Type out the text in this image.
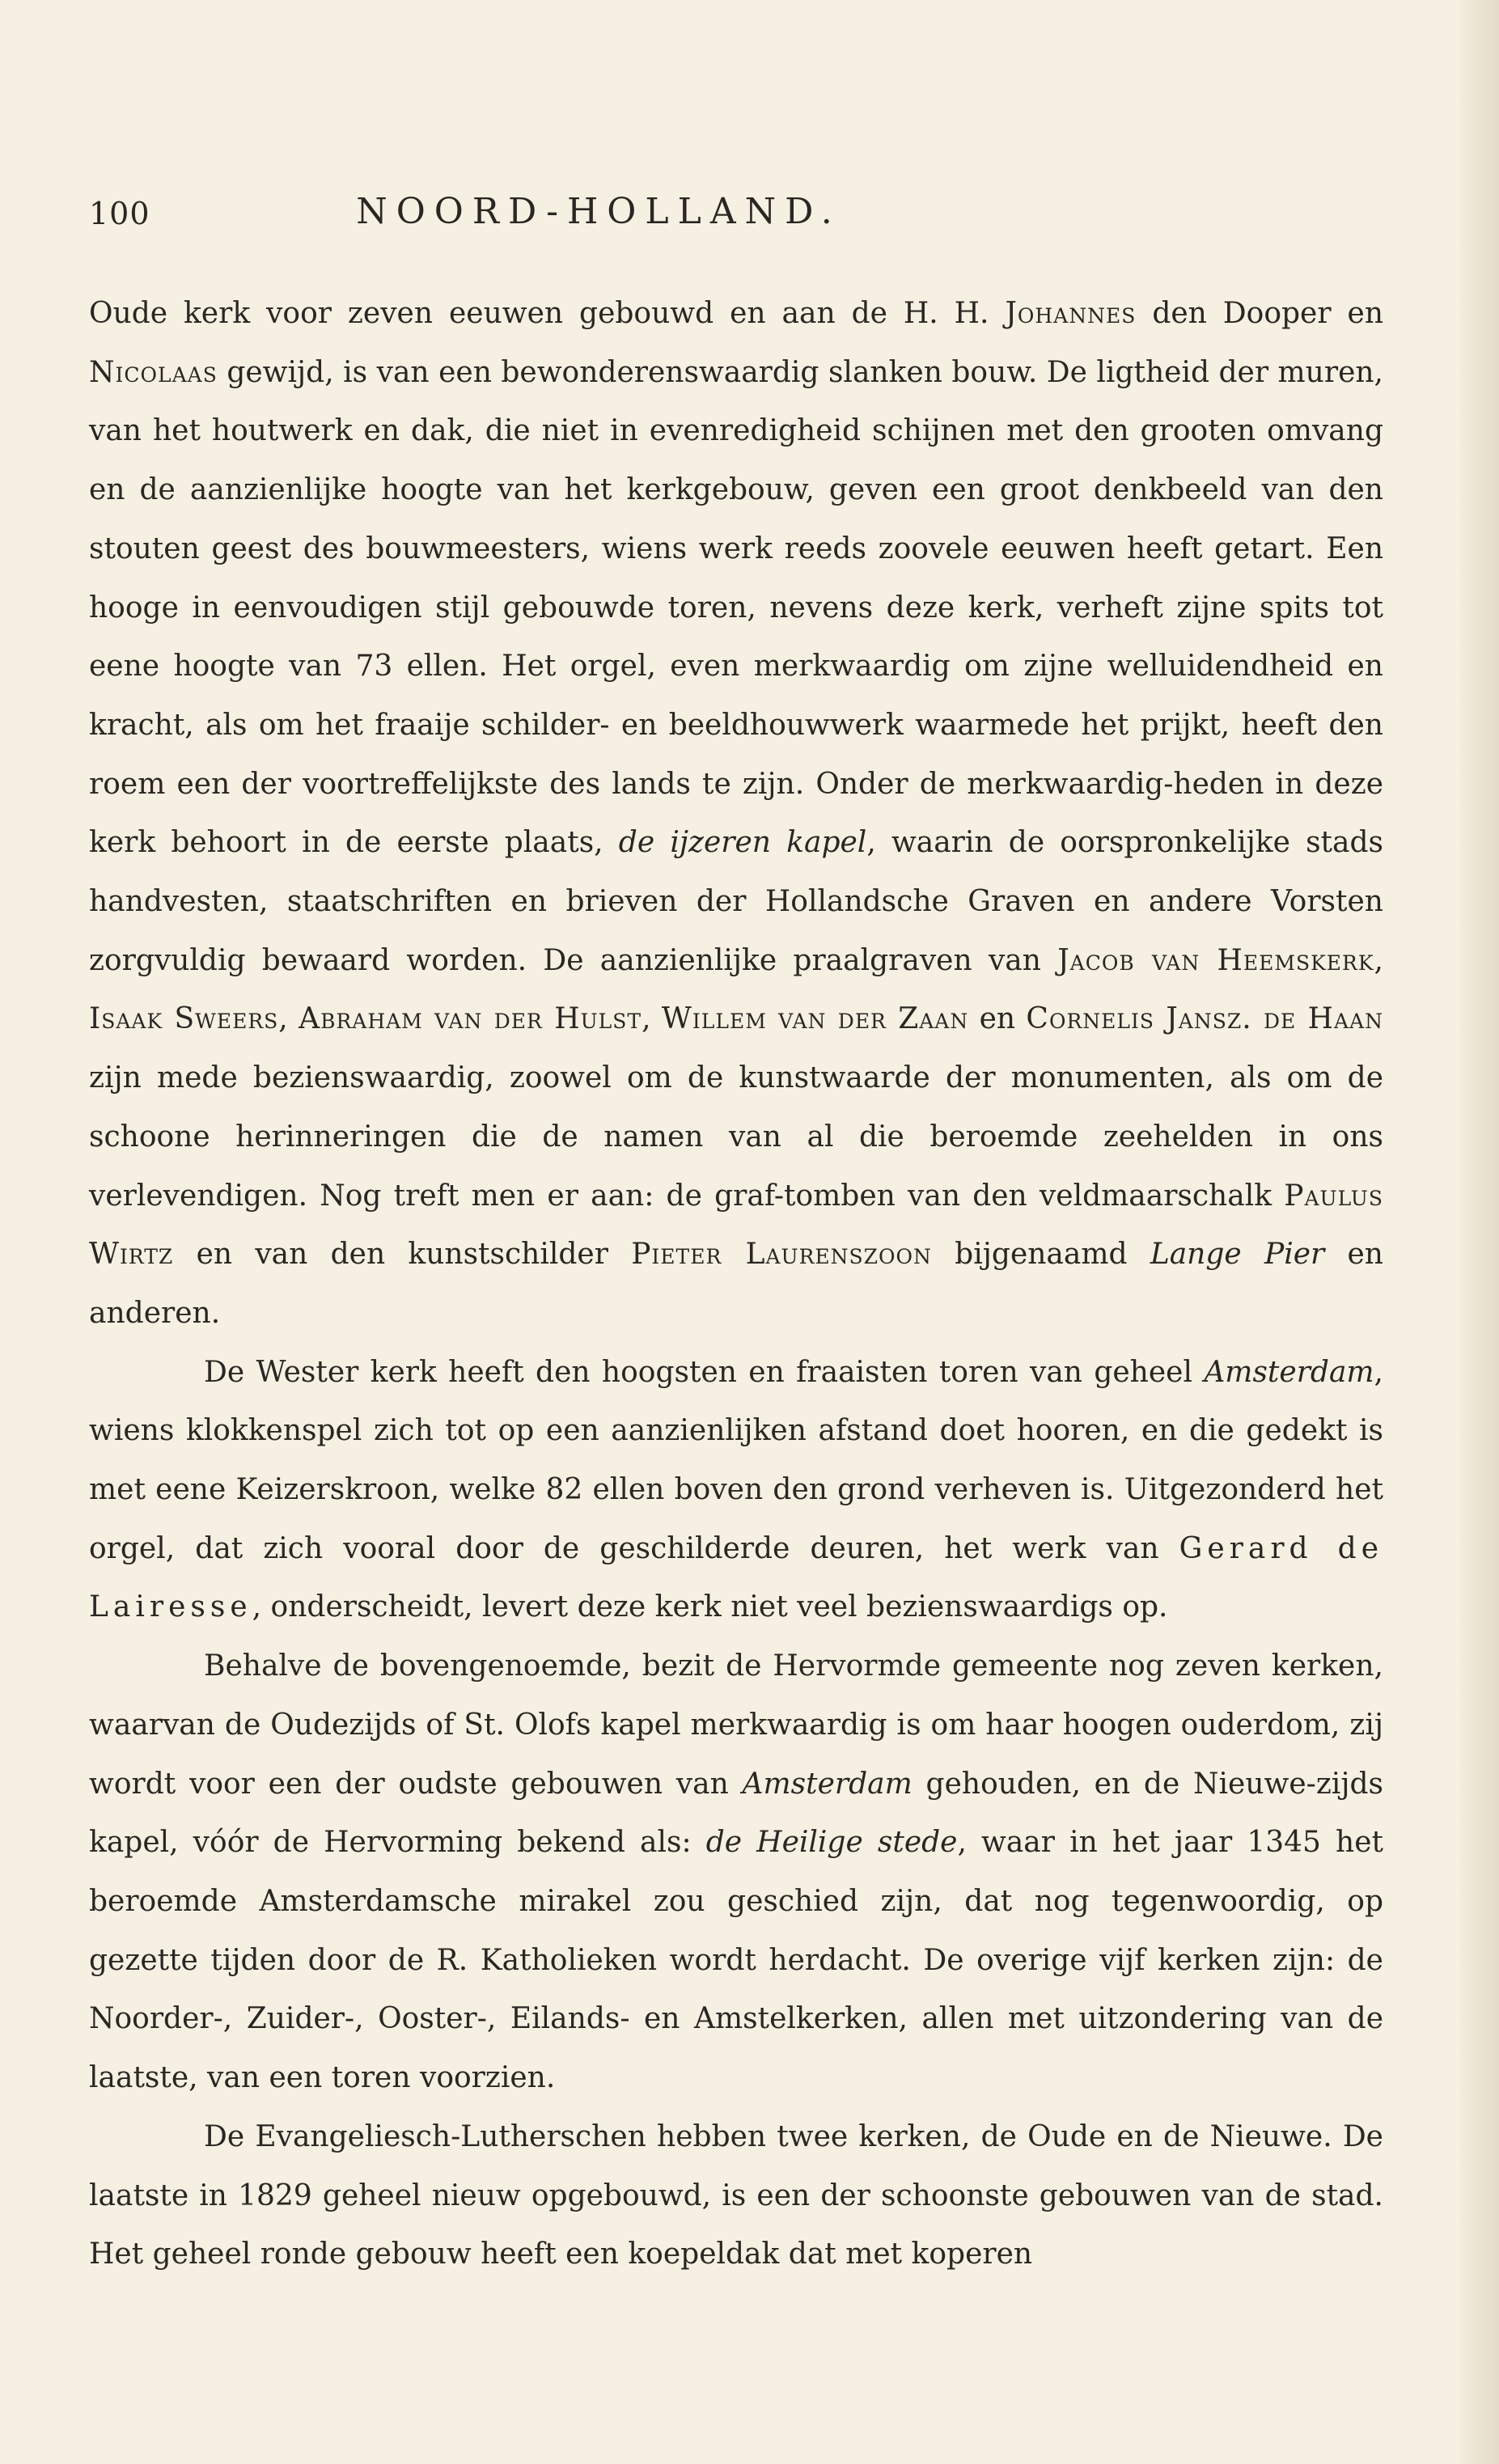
100	NOORD-HOLLAND.

Oude kerk voor zeven eeuwen gebouwd en aan de H. H. Johannes den Dooper en Nicolaas gewijd, is van een bewonderenswaardig slanken bouw. De ligtheid der muren, van het houtwerk en dak, die niet in evenredigheid schijnen met den grooten omvang en de aanzienlijke hoogte van het kerkgebouw, geven een groot denkbeeld van den stouten geest des bouwmeesters, wiens werk reeds zoovele eeuwen heeft getart. Een hooge in eenvoudigen stijl gebouwde toren, nevens deze kerk, verheft zijne spits tot eene hoogte van 73 ellen. Het orgel, even merkwaardig om zijne welluidendheid en kracht, als om het fraaije schilder- en beeldhouwwerk waarmede het prijkt, heeft den roem een der voortreffelijkste des lands te zijn. Onder de merkwaardig-heden in deze kerk behoort in de eerste plaats, de ijzeren kapel, waarin de oorspronkelijke stads handvesten, staatschriften en brieven der Hollandsche Graven en andere Vorsten zorgvuldig bewaard worden. De aanzienlijke praalgraven van Jacob van Heemskerk, Isaak Sweers, Abraham van der Hulst, Willem van der Zaan en Cornelis Jansz. de Haan zijn mede bezienswaardig, zoowel om de kunstwaarde der monumenten, als om de schoone herinneringen die de namen van al die beroemde zeehelden in ons verlevendigen. Nog treft men er aan: de graf-tomben van den veldmaarschalk Paulus Wirtz en van den kunstschilder Pieter Laurenszoon bijgenaamd Lange Pier en anderen.

De Wester kerk heeft den hoogsten en fraaisten toren van geheel Amsterdam, wiens klokkenspel zich tot op een aanzienlijken afstand doet hooren, en die gedekt is met eene Keizerskroon, welke 82 ellen boven den grond verheven is. Uitgezonderd het orgel, dat zich vooral door de geschilderde deuren, het werk van Gerard de Lairesse, onderscheidt, levert deze kerk niet veel bezienswaardigs op.

Behalve de bovengenoemde, bezit de Hervormde gemeente nog zeven kerken, waarvan de Oudezijds of St. Olofs kapel merkwaardig is om haar hoogen ouderdom, zij wordt voor een der oudste gebouwen van Amsterdam gehouden, en de Nieuwe-zijds kapel, vóór de Hervorming bekend als: de Heilige stede, waar in het jaar 1345 het beroemde Amsterdamsche mirakel zou geschied zijn, dat nog tegenwoordig, op gezette tijden door de R. Katholieken wordt herdacht. De overige vijf kerken zijn: de Noorder-, Zuider-, Ooster-, Eilands- en Amstelkerken, allen met uitzondering van de laatste, van een toren voorzien.

De Evangeliesch-Lutherschen hebben twee kerken, de Oude en de Nieuwe. De laatste in 1829 geheel nieuw opgebouwd, is een der schoonste gebouwen van de stad. Het geheel ronde gebouw heeft een koepeldak dat met koperen
